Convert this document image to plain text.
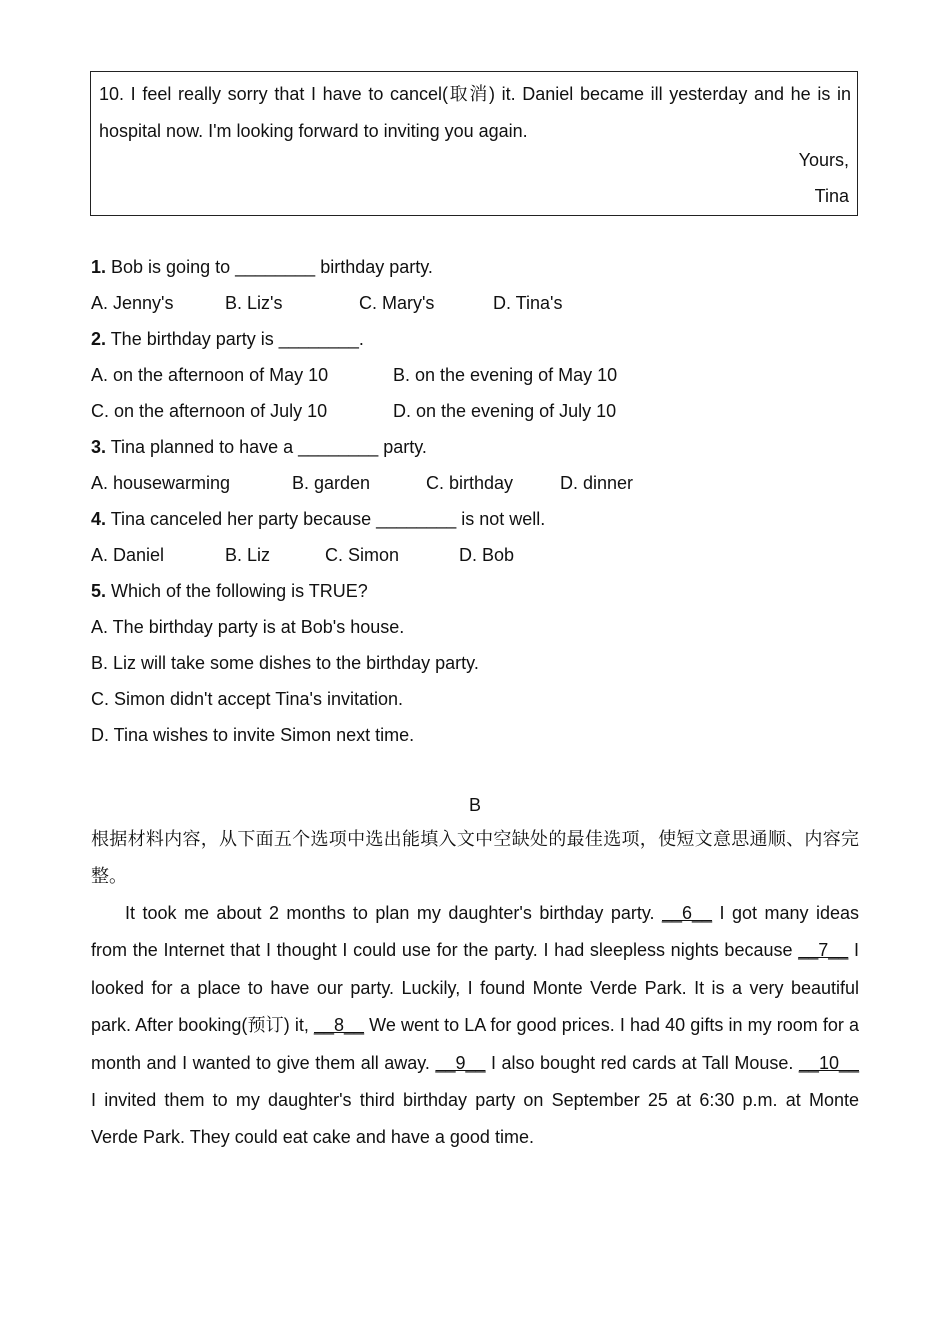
10. I feel really sorry that I have to cancel(取消) it. Daniel became ill yesterday and he is in hospital now. I'm looking forward to inviting you again.
Yours,
Tina
1. Bob is going to ________ birthday party.
A. Jenny's	B. Liz's	C. Mary's	D. Tina's
2. The birthday party is ________.
A. on the afternoon of May 10	B. on the evening of May 10
C. on the afternoon of July 10	D. on the evening of July 10
3. Tina planned to have a ________ party.
A. housewarming	B. garden	C. birthday	D. dinner
4. Tina canceled her party because ________ is not well.
A. Daniel	B. Liz	C. Simon	D. Bob
5. Which of the following is TRUE?
A. The birthday party is at Bob's house.
B. Liz will take some dishes to the birthday party.
C. Simon didn't accept Tina's invitation.
D. Tina wishes to invite Simon next time.
B
根据材料内容，从下面五个选项中选出能填入文中空缺处的最佳选项，使短文意思通顺、内容完整。
It took me about 2 months to plan my daughter's birthday party. __6__ I got many ideas from the Internet that I thought I could use for the party. I had sleepless nights because __7__ I looked for a place to have our party. Luckily, I found Monte Verde Park. It is a very beautiful park. After booking(预订) it, __8__ We went to LA for good prices. I had 40 gifts in my room for a month and I wanted to give them all away. __9__ I also bought red cards at Tall Mouse. __10__ I invited them to my daughter's third birthday party on September 25 at 6:30 p.m. at Monte Verde Park. They could eat cake and have a good time.
